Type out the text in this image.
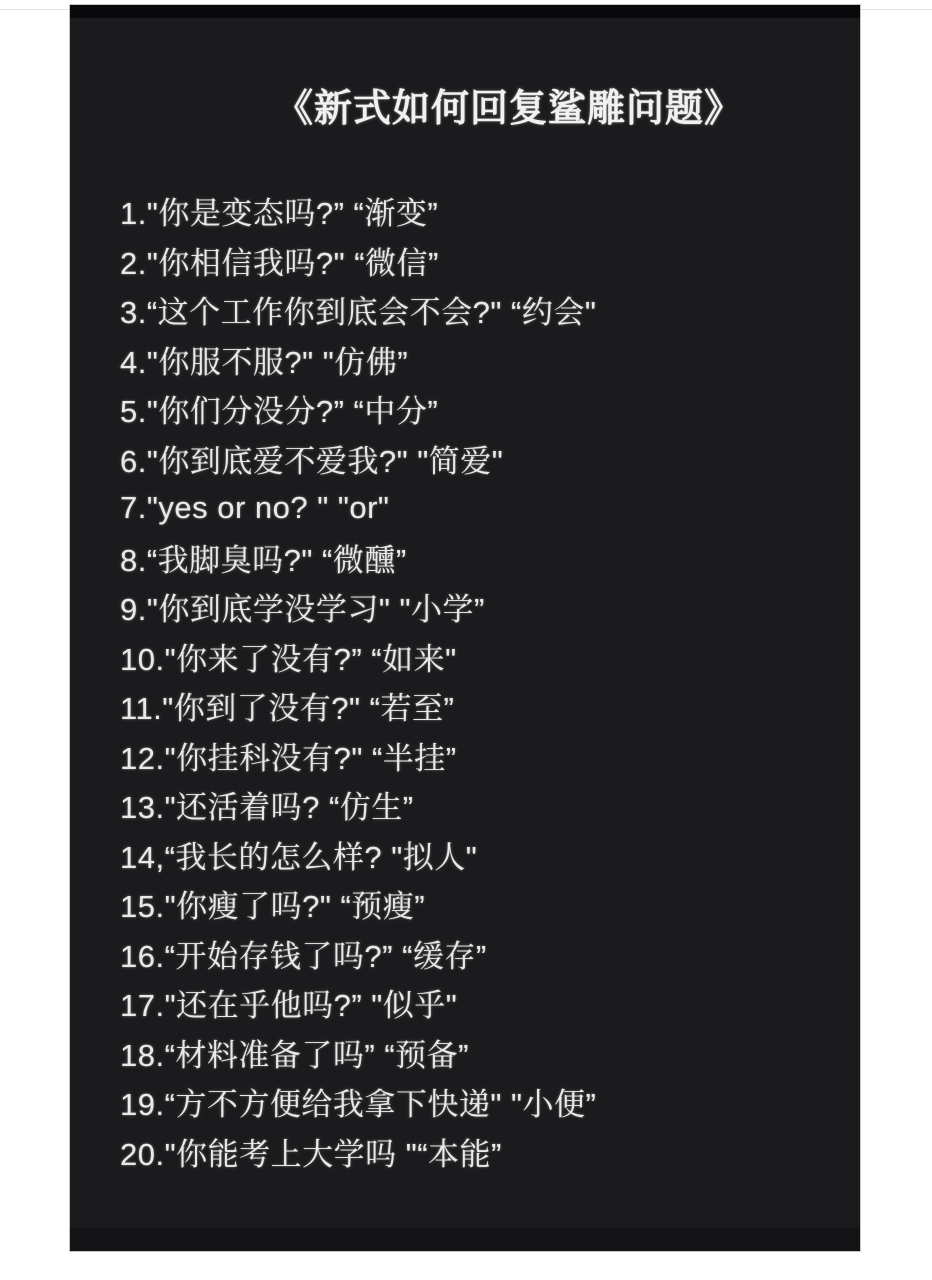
《新式如何回复鲨雕问题》
1."你是变态吗?” “渐变”
2."你相信我吗?" “微信”
3.“这个工作你到底会不会?" “约会"
4."你服不服?" "仿佛”
5."你们分没分?” “中分”
6."你到底爱不爱我?" "简爱"
7."yes or no? " "or"
8.“我脚臭吗?" “微醺”
9."你到底学没学习" "小学”
10."你来了没有?” “如来"
11."你到了没有?" “若至”
12."你挂科没有?" “半挂”
13."还活着吗? “仿生”
14,“我长的怎么样? "拟人"
15."你瘦了吗?" “预瘦”
16.“开始存钱了吗?” “缓存”
17."还在乎他吗?” "似乎"
18.“材料准备了吗” “预备”
19.“方不方便给我拿下快递" "小便”
20."你能考上大学吗 "“本能”
